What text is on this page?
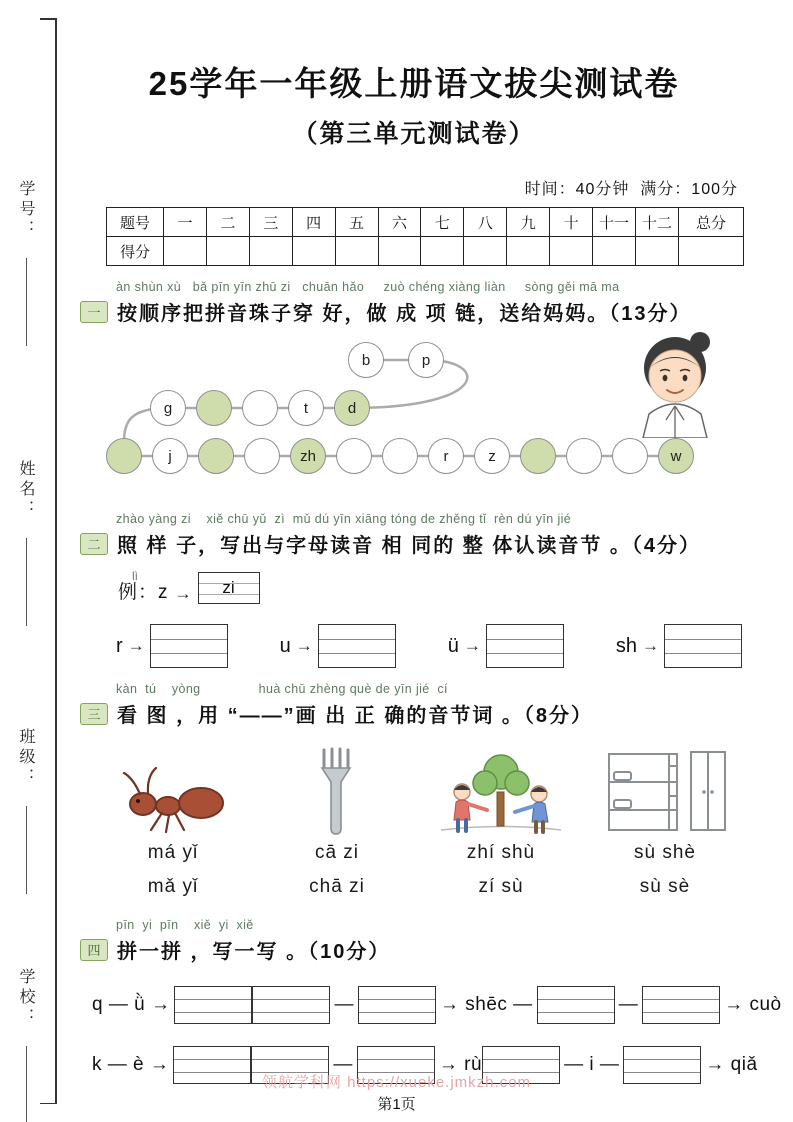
学号：
姓名：
班级：
学校：
25学年一年级上册语文拔尖测试卷
（第三单元测试卷）
时间：40分钟  满分：100分
题号	一	二	三	四	五	六	七	八	九	十	十一	十二	总分
得分													
àn shùn xù   bǎ pīn yīn zhū zi   chuān hǎo     zuò chéng xiàng liàn     sòng gěi mā ma
一 按顺序把拼音珠子穿 好，做 成 项 链，送给妈妈。（13分）
b	p
g	t	d
j	zh	r	z	w
zhào yàng zi    xiě chū yǔ  zì  mǔ dú yīn xiāng tóng de zhěng tǐ  rèn dú yīn jié
二 照 样 子，写出与字母读音 相 同的 整 体认读音节 。（4分）
lì
例：z → zi
r →	u →	ü →	sh →
kàn  tú    yòng               huà chū zhèng què de yīn jié  cí
三 看 图 ，用 “——”画 出 正 确的音节词 。（8分）
má yǐ
mǎ yǐ
cā zi
chā zi
zhí shù
zí sù
sù shè
sù sè
pīn  yi  pīn    xiě  yi  xiě
四 拼一拼 ，写一写 。（10分）
q — ǜ →	—	→ shē c —	—	→ cuò
k — è →	—	→ rù	— i —	→ qiǎ
领航学科网 https://xueke.jmkzh.com
第1页
